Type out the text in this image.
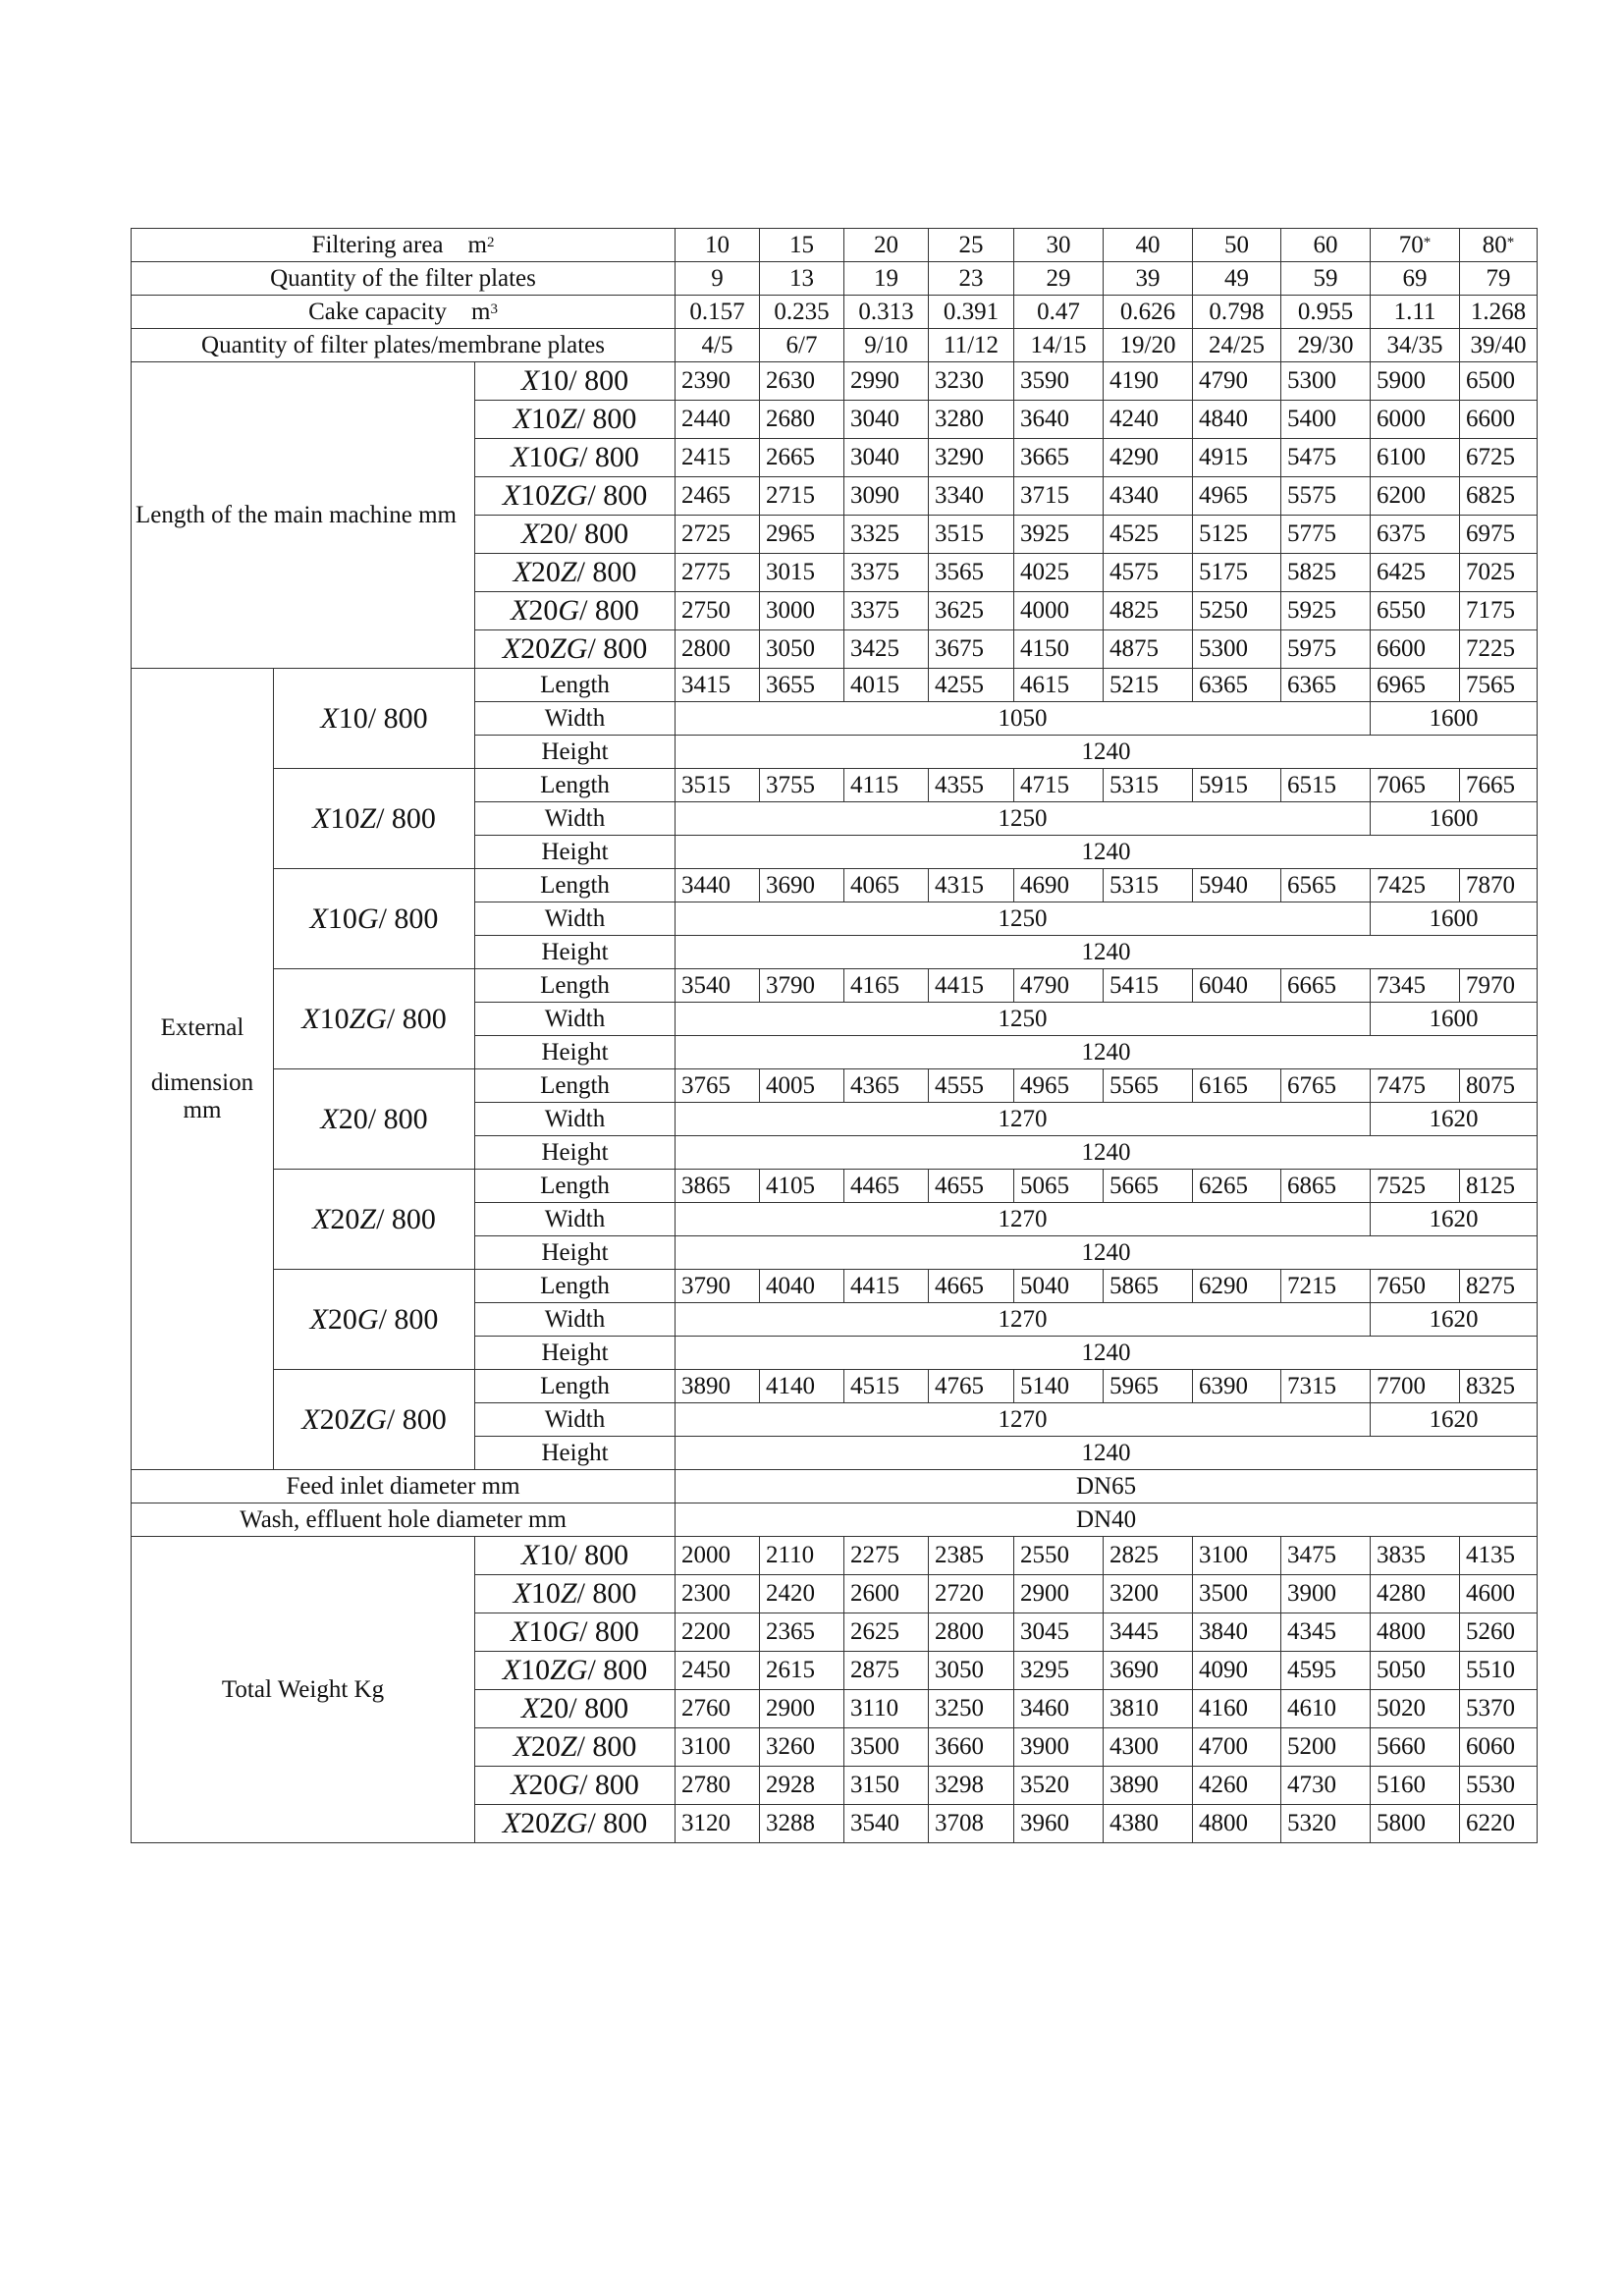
Filtering area $m^2$			10	15	20	25	30	40	50	60	70*	80*
Quantity of the filter plates			9	13	19	23	29	39	49	59	69	79
Cake capacity $m^3$			0.157	0.235	0.313	0.391	0.47	0.626	0.798	0.955	1.11	1.268
Quantity of filter plates/membrane plates			4/5	6/7	9/10	11/12	14/15	19/20	24/25	29/30	34/35	39/40
Length of the main machine mm		X10/ 800	2390	2630	2990	3230	3590	4190	4790	5300	5900	6500
		X10Z/ 800	2440	2680	3040	3280	3640	4240	4840	5400	6000	6600
		X10G/ 800	2415	2665	3040	3290	3665	4290	4915	5475	6100	6725
		X10ZG/ 800	2465	2715	3090	3340	3715	4340	4965	5575	6200	6825
		X20/ 800	2725	2965	3325	3515	3925	4525	5125	5775	6375	6975
		X20Z/ 800	2775	3015	3375	3565	4025	4575	5175	5825	6425	7025
		X20G/ 800	2750	3000	3375	3625	4000	4825	5250	5925	6550	7175
		X20ZG/ 800	2800	3050	3425	3675	4150	4875	5300	5975	6600	7225

External
dimension
mm	X10/ 800	Length	3415	3655	4015	4255	4615	5215	6365	6365	6965	7565
		Width	1050								1600	
		Height	1240									
	X10Z/ 800	Length	3515	3755	4115	4355	4715	5315	5915	6515	7065	7665
		Width	1250								1600	
		Height	1240									
	X10G/ 800	Length	3440	3690	4065	4315	4690	5315	5940	6565	7425	7870
		Width	1250								1600	
		Height	1240									
	X10ZG/ 800	Length	3540	3790	4165	4415	4790	5415	6040	6665	7345	7970
		Width	1250								1600	
		Height	1240									
	X20/ 800	Length	3765	4005	4365	4555	4965	5565	6165	6765	7475	8075
		Width	1270								1620	
		Height	1240									
	X20Z/ 800	Length	3865	4105	4465	4655	5065	5665	6265	6865	7525	8125
		Width	1270								1620	
		Height	1240									
	X20G/ 800	Length	3790	4040	4415	4665	5040	5865	6290	7215	7650	8275
		Width	1270								1620	
		Height	1240									
	X20ZG/ 800	Length	3890	4140	4515	4765	5140	5965	6390	7315	7700	8325
		Width	1270								1620	
		Height	1240									
Feed inlet diameter mm			DN65									
Wash, effluent hole diameter mm			DN40									
Total Weight Kg		X10/ 800	2000	2110	2275	2385	2550	2825	3100	3475	3835	4135
		X10Z/ 800	2300	2420	2600	2720	2900	3200	3500	3900	4280	4600
		X10G/ 800	2200	2365	2625	2800	3045	3445	3840	4345	4800	5260
		X10ZG/ 800	2450	2615	2875	3050	3295	3690	4090	4595	5050	5510
		X20/ 800	2760	2900	3110	3250	3460	3810	4160	4610	5020	5370
		X20Z/ 800	3100	3260	3500	3660	3900	4300	4700	5200	5660	6060
		X20G/ 800	2780	2928	3150	3298	3520	3890	4260	4730	5160	5530
		X20ZG/ 800	3120	3288	3540	3708	3960	4380	4800	5320	5800	6220
